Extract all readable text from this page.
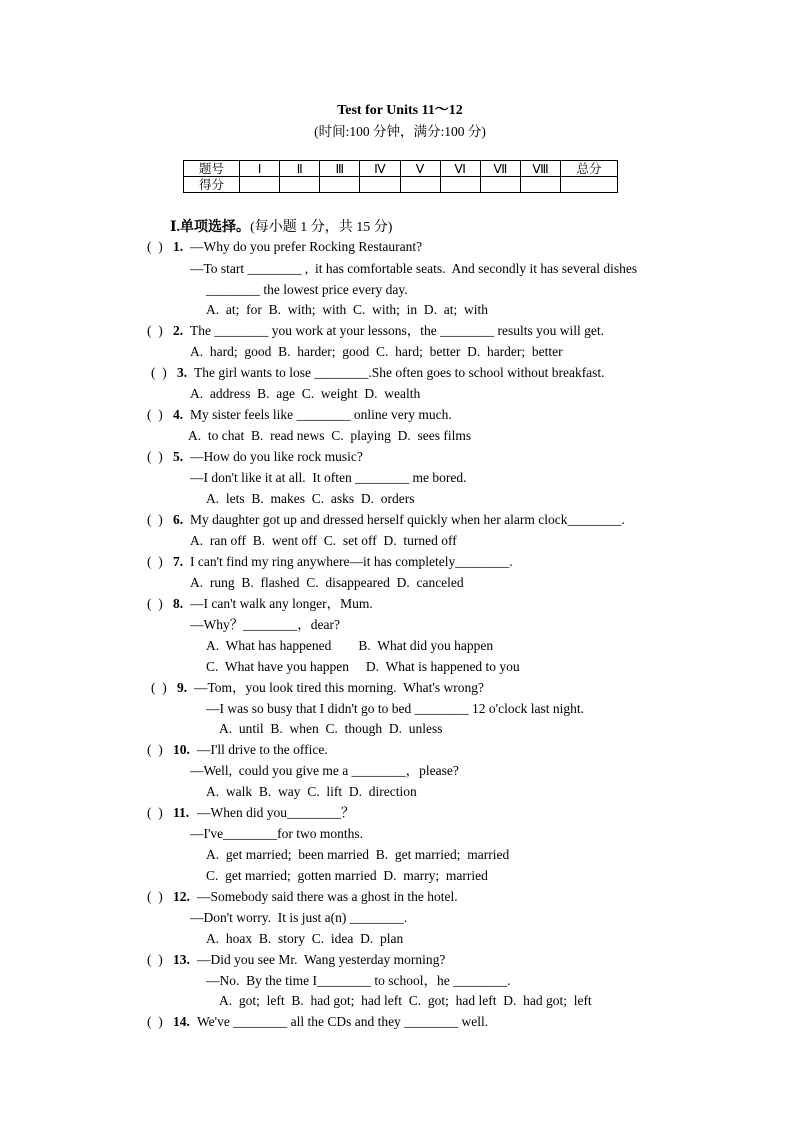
Test for Units 11～12
(时间:100 分钟，满分:100 分)
题号	Ⅰ	Ⅱ	Ⅲ	Ⅳ	Ⅴ	Ⅵ	Ⅶ	Ⅷ	总分
得分									
Ⅰ.单项选择。(每小题 1 分，共 15 分)
(  ) 1. —Why do you prefer Rocking Restaurant?
—To start ________ ,  it has comfortable seats.  And secondly it has several dishes
________ the lowest price every day.
A.  at;  for  B.  with;  with  C.  with;  in  D.  at;  with
(  ) 2. The ________ you work at your lessons，the ________ results you will get.
A.  hard;  good  B.  harder;  good  C.  hard;  better  D.  harder;  better
(  ) 3. The girl wants to lose ________.She often goes to school without breakfast.
A.  address  B.  age  C.  weight  D.  wealth
(  ) 4. My sister feels like ________ online very much.
A.  to chat  B.  read news  C.  playing  D.  sees films
(  ) 5. —How do you like rock music?
—I don't like it at all.  It often ________ me bored.
A.  lets  B.  makes  C.  asks  D.  orders
(  ) 6. My daughter got up and dressed herself quickly when her alarm clock________.
A.  ran off  B.  went off  C.  set off  D.  turned off
(  ) 7. I can't find my ring anywhere—it has completely________.
A.  rung  B.  flashed  C.  disappeared  D.  canceled
(  ) 8. —I can't walk any longer，Mum.
—Why？________，dear?
A.  What has happened        B.  What did you happen
C.  What have you happen     D.  What is happened to you
(  ) 9. —Tom，you look tired this morning.  What's wrong?
—I was so busy that I didn't go to bed ________ 12 o'clock last night.
A.  until  B.  when  C.  though  D.  unless
(  ) 10. —I'll drive to the office.
—Well,  could you give me a ________，please?
A.  walk  B.  way  C.  lift  D.  direction
(  ) 11. —When did you________？
—I've________for two months.
A.  get married;  been married  B.  get married;  married
C.  get married;  gotten married  D.  marry;  married
(  ) 12. —Somebody said there was a ghost in the hotel.
—Don't worry.  It is just a(n) ________.
A.  hoax  B.  story  C.  idea  D.  plan
(  ) 13. —Did you see Mr.  Wang yesterday morning?
—No.  By the time I________ to school，he ________.
A.  got;  left  B.  had got;  had left  C.  got;  had left  D.  had got;  left
(  ) 14. We've ________ all the CDs and they ________ well.
